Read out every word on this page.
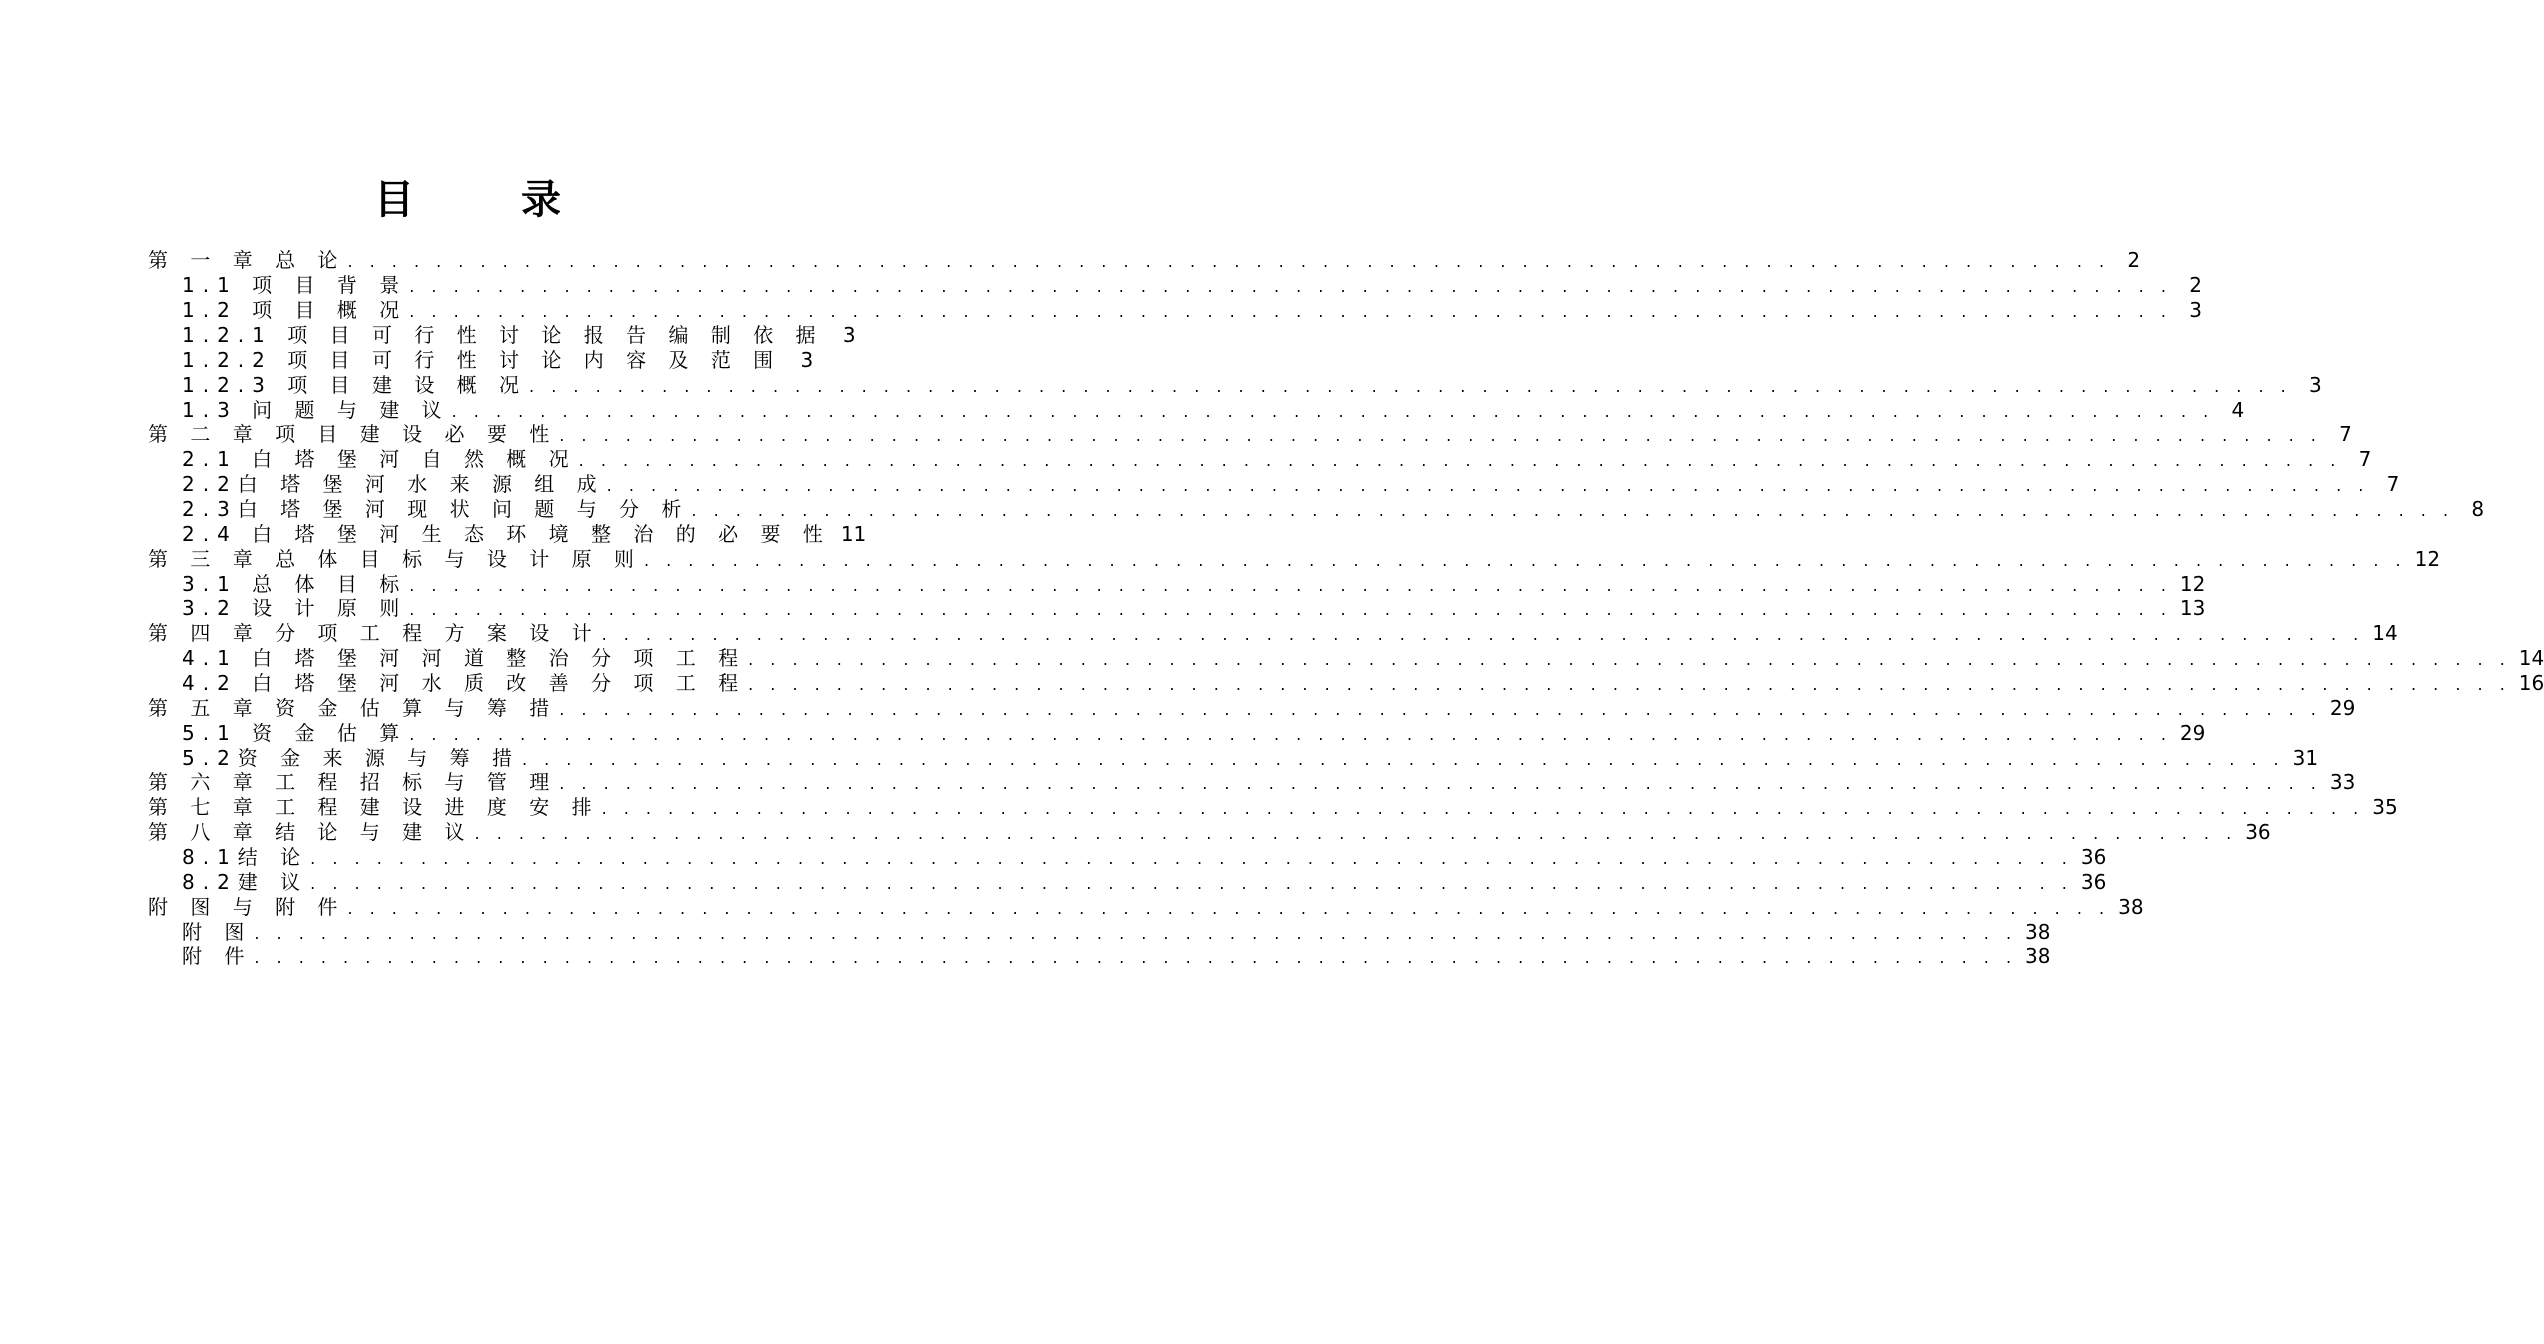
目	录
第 一 章 总 论 . . . . . . . . . . . . . . . . . . . . . . . . . . . . . . . . . . . . . . . . . . . . . . . . . . . . . . . . . . . . . . . . . . . . . . . . . . . . . . . . 2
1.1 项 目 背 景 . . . . . . . . . . . . . . . . . . . . . . . . . . . . . . . . . . . . . . . . . . . . . . . . . . . . . . . . . . . . . . . . . . . . . . . . . . . . . . . . 2
1.2 项 目 概 况 . . . . . . . . . . . . . . . . . . . . . . . . . . . . . . . . . . . . . . . . . . . . . . . . . . . . . . . . . . . . . . . . . . . . . . . . . . . . . . . . 3
1.2.1 项 目 可 行 性 讨 论 报 告 编 制 依 据 3
1.2.2 项 目 可 行 性 讨 论 内 容 及 范 围 3
1.2.3 项 目 建 设 概 况 . . . . . . . . . . . . . . . . . . . . . . . . . . . . . . . . . . . . . . . . . . . . . . . . . . . . . . . . . . . . . . . . . . . . . . . . . . . . . . . . 3
1.3 问 题 与 建 议 . . . . . . . . . . . . . . . . . . . . . . . . . . . . . . . . . . . . . . . . . . . . . . . . . . . . . . . . . . . . . . . . . . . . . . . . . . . . . . . . 4
第 二 章 项 目 建 设 必 要 性 . . . . . . . . . . . . . . . . . . . . . . . . . . . . . . . . . . . . . . . . . . . . . . . . . . . . . . . . . . . . . . . . . . . . . . . . . . . . . . . . 7
2.1 白 塔 堡 河 自 然 概 况 . . . . . . . . . . . . . . . . . . . . . . . . . . . . . . . . . . . . . . . . . . . . . . . . . . . . . . . . . . . . . . . . . . . . . . . . . . . . . . . . 7
2.2白 塔 堡 河 水 来 源 组 成 . . . . . . . . . . . . . . . . . . . . . . . . . . . . . . . . . . . . . . . . . . . . . . . . . . . . . . . . . . . . . . . . . . . . . . . . . . . . . . . . 7
2.3白 塔 堡 河 现 状 问 题 与 分 析 . . . . . . . . . . . . . . . . . . . . . . . . . . . . . . . . . . . . . . . . . . . . . . . . . . . . . . . . . . . . . . . . . . . . . . . . . . . . . . . . 8
2.4 白 塔 堡 河 生 态 环 境 整 治 的 必 要 性 11
第 三 章 总 体 目 标 与 设 计 原 则 . . . . . . . . . . . . . . . . . . . . . . . . . . . . . . . . . . . . . . . . . . . . . . . . . . . . . . . . . . . . . . . . . . . . . . . . . . . . . . . . 12
3.1 总 体 目 标 . . . . . . . . . . . . . . . . . . . . . . . . . . . . . . . . . . . . . . . . . . . . . . . . . . . . . . . . . . . . . . . . . . . . . . . . . . . . . . . . 12
3.2 设 计 原 则 . . . . . . . . . . . . . . . . . . . . . . . . . . . . . . . . . . . . . . . . . . . . . . . . . . . . . . . . . . . . . . . . . . . . . . . . . . . . . . . . 13
第 四 章 分 项 工 程 方 案 设 计 . . . . . . . . . . . . . . . . . . . . . . . . . . . . . . . . . . . . . . . . . . . . . . . . . . . . . . . . . . . . . . . . . . . . . . . . . . . . . . . . 14
4.1 白 塔 堡 河 河 道 整 治 分 项 工 程 . . . . . . . . . . . . . . . . . . . . . . . . . . . . . . . . . . . . . . . . . . . . . . . . . . . . . . . . . . . . . . . . . . . . . . . . . . . . . . . . 14
4.2 白 塔 堡 河 水 质 改 善 分 项 工 程 . . . . . . . . . . . . . . . . . . . . . . . . . . . . . . . . . . . . . . . . . . . . . . . . . . . . . . . . . . . . . . . . . . . . . . . . . . . . . . . . 16
第 五 章 资 金 估 算 与 筹 措 . . . . . . . . . . . . . . . . . . . . . . . . . . . . . . . . . . . . . . . . . . . . . . . . . . . . . . . . . . . . . . . . . . . . . . . . . . . . . . . . 29
5.1 资 金 估 算 . . . . . . . . . . . . . . . . . . . . . . . . . . . . . . . . . . . . . . . . . . . . . . . . . . . . . . . . . . . . . . . . . . . . . . . . . . . . . . . . 29
5.2资 金 来 源 与 筹 措 . . . . . . . . . . . . . . . . . . . . . . . . . . . . . . . . . . . . . . . . . . . . . . . . . . . . . . . . . . . . . . . . . . . . . . . . . . . . . . . . 31
第 六 章 工 程 招 标 与 管 理 . . . . . . . . . . . . . . . . . . . . . . . . . . . . . . . . . . . . . . . . . . . . . . . . . . . . . . . . . . . . . . . . . . . . . . . . . . . . . . . . 33
第 七 章 工 程 建 设 进 度 安 排 . . . . . . . . . . . . . . . . . . . . . . . . . . . . . . . . . . . . . . . . . . . . . . . . . . . . . . . . . . . . . . . . . . . . . . . . . . . . . . . . 35
第 八 章 结 论 与 建 议 . . . . . . . . . . . . . . . . . . . . . . . . . . . . . . . . . . . . . . . . . . . . . . . . . . . . . . . . . . . . . . . . . . . . . . . . . . . . . . . . 36
8.1结 论 . . . . . . . . . . . . . . . . . . . . . . . . . . . . . . . . . . . . . . . . . . . . . . . . . . . . . . . . . . . . . . . . . . . . . . . . . . . . . . . . 36
8.2建 议 . . . . . . . . . . . . . . . . . . . . . . . . . . . . . . . . . . . . . . . . . . . . . . . . . . . . . . . . . . . . . . . . . . . . . . . . . . . . . . . . 36
附 图 与 附 件 . . . . . . . . . . . . . . . . . . . . . . . . . . . . . . . . . . . . . . . . . . . . . . . . . . . . . . . . . . . . . . . . . . . . . . . . . . . . . . . . 38
附 图 . . . . . . . . . . . . . . . . . . . . . . . . . . . . . . . . . . . . . . . . . . . . . . . . . . . . . . . . . . . . . . . . . . . . . . . . . . . . . . . . 38
附 件 . . . . . . . . . . . . . . . . . . . . . . . . . . . . . . . . . . . . . . . . . . . . . . . . . . . . . . . . . . . . . . . . . . . . . . . . . . . . . . . . 38
